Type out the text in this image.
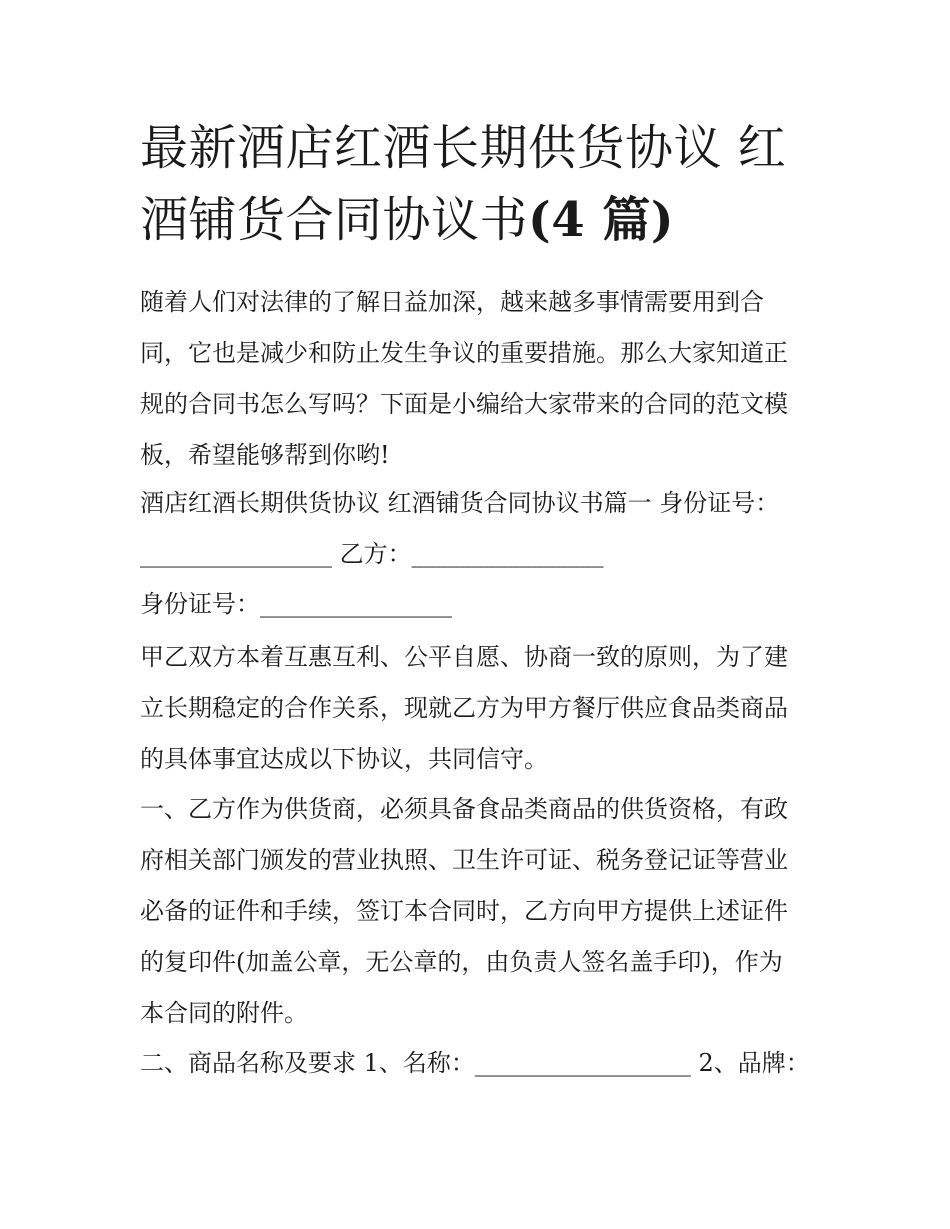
最新酒店红酒长期供货协议 红
酒铺货合同协议书(4 篇)
随着人们对法律的了解日益加深，越来越多事情需要用到合
同，它也是减少和防止发生争议的重要措施。那么大家知道正
规的合同书怎么写吗？下面是小编给大家带来的合同的范文模
板，希望能够帮到你哟!
酒店红酒长期供货协议 红酒铺货合同协议书篇一 身份证号：
________________ 乙方：________________
身份证号：________________
甲乙双方本着互惠互利、公平自愿、协商一致的原则，为了建
立长期稳定的合作关系，现就乙方为甲方餐厅供应食品类商品
的具体事宜达成以下协议，共同信守。
一、乙方作为供货商，必须具备食品类商品的供货资格，有政
府相关部门颁发的营业执照、卫生许可证、税务登记证等营业
必备的证件和手续，签订本合同时，乙方向甲方提供上述证件
的复印件(加盖公章，无公章的，由负责人签名盖手印)，作为
本合同的附件。
二、商品名称及要求 1、名称：__________________ 2、品牌：
